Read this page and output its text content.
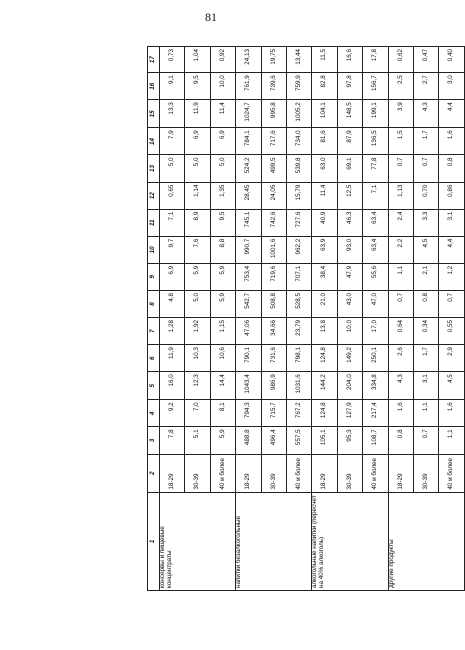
81
1	2	3	4	5	6	7	8	9	10	11	12	13	14	15	16	17
консервы и пищевые концентраты	18-29	7,8	9,2	16,0	11,9	1,28	4,8	6,9	9,7	7,1	0,65	5,0	7,9	13,3	9,1	0,73
	30-39	5,1	7,0	12,3	10,3	1,92	5,0	5,9	7,6	8,9	1,14	5,0	6,9	11,9	9,5	1,04
	40 и более	5,9	8,1	14,4	10,6	1,15	5,9	5,9	8,8	9,5	1,35	5,0	6,9	11,4	10,0	0,92
напитки безалкогольные	18-29	488,8	794,3	1043,4	790,1	47,06	542,7	753,4	990,7	745,1	28,45	524,2	784,1	1024,7	761,9	24,13
	30-39	496,4	715,7	986,9	731,6	34,66	508,8	719,6	1001,6	742,6	24,05	499,5	717,6	995,8	739,6	19,75
	40 и более	557,5	767,2	1031,6	798,1	23,79	528,5	707,1	962,2	727,6	15,79	539,8	734,0	1005,2	759,9	13,44
алкогольные напитки (пересчет на 40% алкоголь)	18-29	105,1	124,8	144,2	124,8	13,8	21,0	38,4	63,9	40,9	11,4	63,0	81,6	104,1	82,8	11,5
	30-39	95,3	127,9	204,0	149,2	10,0	43,0	47,9	93,0	46,3	12,5	69,1	87,9	148,5	97,8	16,6
	40 и более	108,7	217,4	334,8	250,1	17,0	47,0	55,6	63,4	63,4	7,1	77,8	136,5	199,1	156,7	17,8
другие продукты	18-29	0,8	1,6	4,3	2,6	0,64	0,7	1,1	2,2	2,4	1,13	0,7	1,5	3,9	2,5	0,62
	30-39	0,7	1,1	3,1	1,7	0,34	0,8	2,1	4,5	3,3	0,70	0,7	1,7	4,3	2,7	0,47
	40 и более	1,1	1,6	4,5	2,9	0,55	0,7	1,2	4,4	3,1	0,86	0,8	1,6	4,4	3,0	0,40
